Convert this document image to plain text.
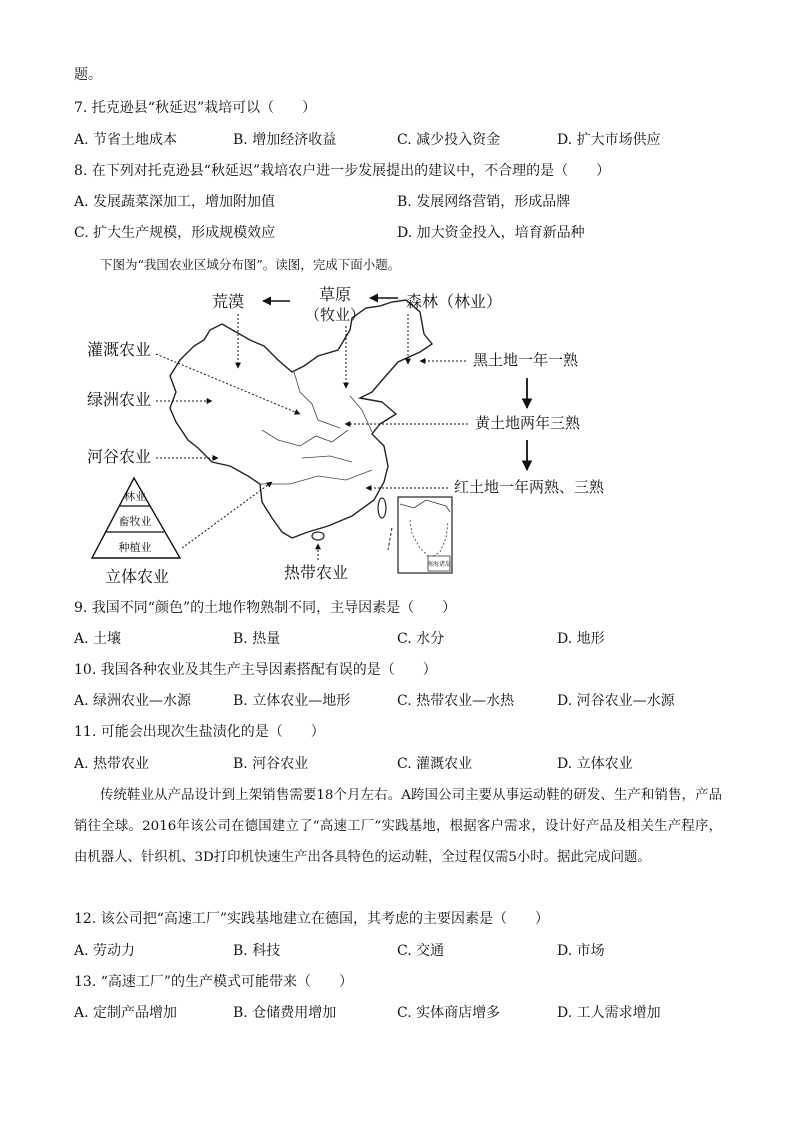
题。
7. 托克逊县“秋延迟”栽培可以（　　）
A. 节省土地成本	B. 增加经济收益	C. 减少投入资金	D. 扩大市场供应
8. 在下列对托克逊县“秋延迟”栽培农户进一步发展提出的建议中，不合理的是（　　）
A. 发展蔬菜深加工，增加附加值	B. 发展网络营销，形成品牌
C. 扩大生产规模，形成规模效应	D. 加大资金投入，培育新品种
下图为“我国农业区域分布图”。读图，完成下面小题。
南海诸岛
荒漠	草原
（牧业）
森林（林业）
灌溉农业
绿洲农业
河谷农业
黑土地一年一熟
黄土地两年三熟
红土地一年两熟、三熟
热带农业
林业
畜牧业
种植业
立体农业
9. 我国不同“颜色”的土地作物熟制不同，主导因素是（　　）
A. 土壤	B. 热量	C. 水分	D. 地形
10. 我国各种农业及其生产主导因素搭配有误的是（　　）
A. 绿洲农业—水源	B. 立体农业—地形	C. 热带农业—水热	D. 河谷农业—水源
11. 可能会出现次生盐渍化的是（　　）
A. 热带农业	B. 河谷农业	C. 灌溉农业	D. 立体农业

传统鞋业从产品设计到上架销售需要18个月左右。A跨国公司主要从事运动鞋的研发、生产和销售，产品销往全球。2016年该公司在德国建立了“高速工厂”实践基地，根据客户需求，设计好产品及相关生产程序，由机器人、针织机、3D打印机快速生产出各具特色的运动鞋，全过程仅需5小时。据此完成问题。

12. 该公司把“高速工厂”实践基地建立在德国，其考虑的主要因素是（　　）
A. 劳动力	B. 科技	C. 交通	D. 市场
13. “高速工厂”的生产模式可能带来（　　）
A. 定制产品增加	B. 仓储费用增加	C. 实体商店增多	D. 工人需求增加
